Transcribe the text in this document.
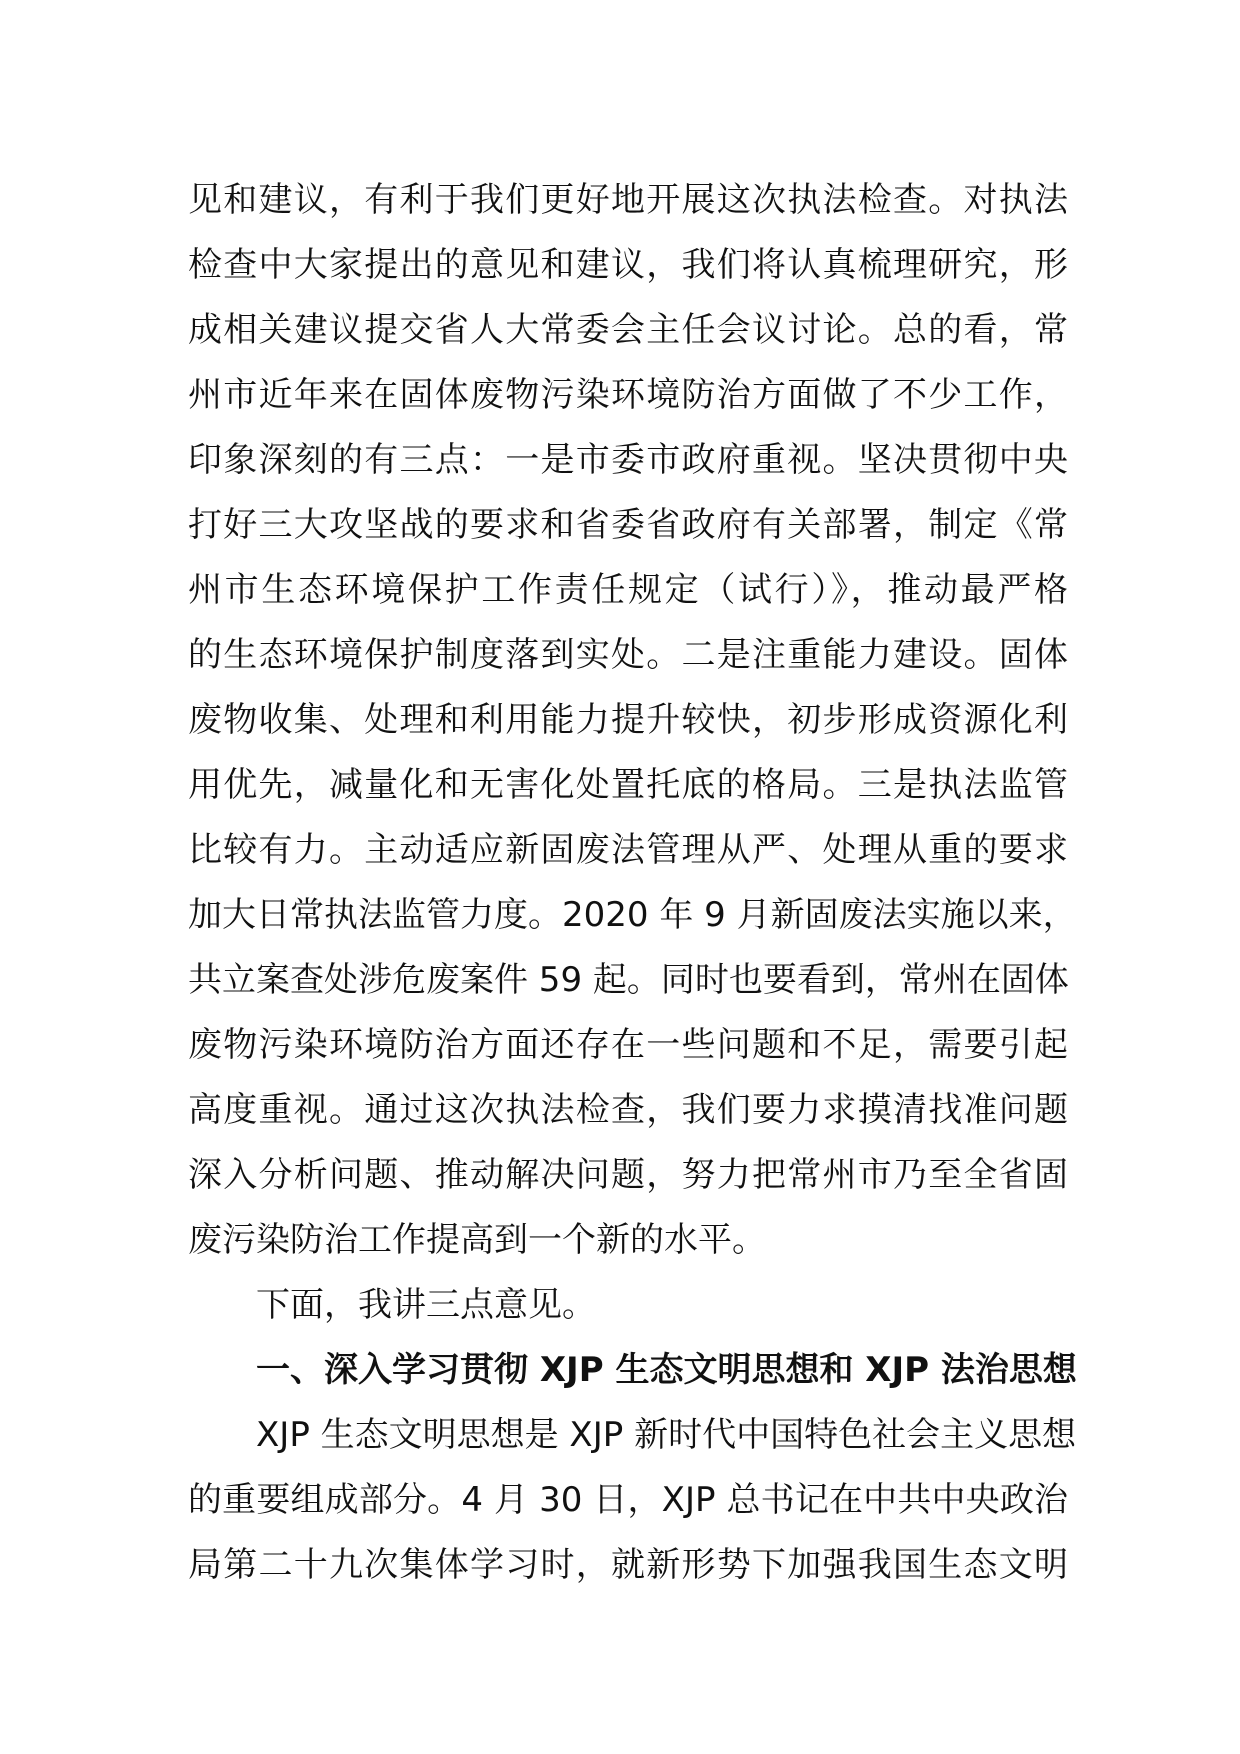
见和建议，有利于我们更好地开展这次执法检查。对执法
检查中大家提出的意见和建议，我们将认真梳理研究，形
成相关建议提交省人大常委会主任会议讨论。总的看，常
州市近年来在固体废物污染环境防治方面做了不少工作，
印象深刻的有三点：一是市委市政府重视。坚决贯彻中央
打好三大攻坚战的要求和省委省政府有关部署，制定《常
州市生态环境保护工作责任规定（试行）》，推动最严格
的生态环境保护制度落到实处。二是注重能力建设。固体
废物收集、处理和利用能力提升较快，初步形成资源化利
用优先，减量化和无害化处置托底的格局。三是执法监管
比较有力。主动适应新固废法管理从严、处理从重的要求
加大日常执法监管力度。2020 年 9 月新固废法实施以来，
共立案查处涉危废案件 59 起。同时也要看到，常州在固体
废物污染环境防治方面还存在一些问题和不足，需要引起
高度重视。通过这次执法检查，我们要力求摸清找准问题
深入分析问题、推动解决问题，努力把常州市乃至全省固
废污染防治工作提高到一个新的水平。
下面，我讲三点意见。
一、深入学习贯彻 XJP 生态文明思想和 XJP 法治思想
XJP 生态文明思想是 XJP 新时代中国特色社会主义思想
的重要组成部分。4 月 30 日，XJP 总书记在中共中央政治
局第二十九次集体学习时，就新形势下加强我国生态文明
